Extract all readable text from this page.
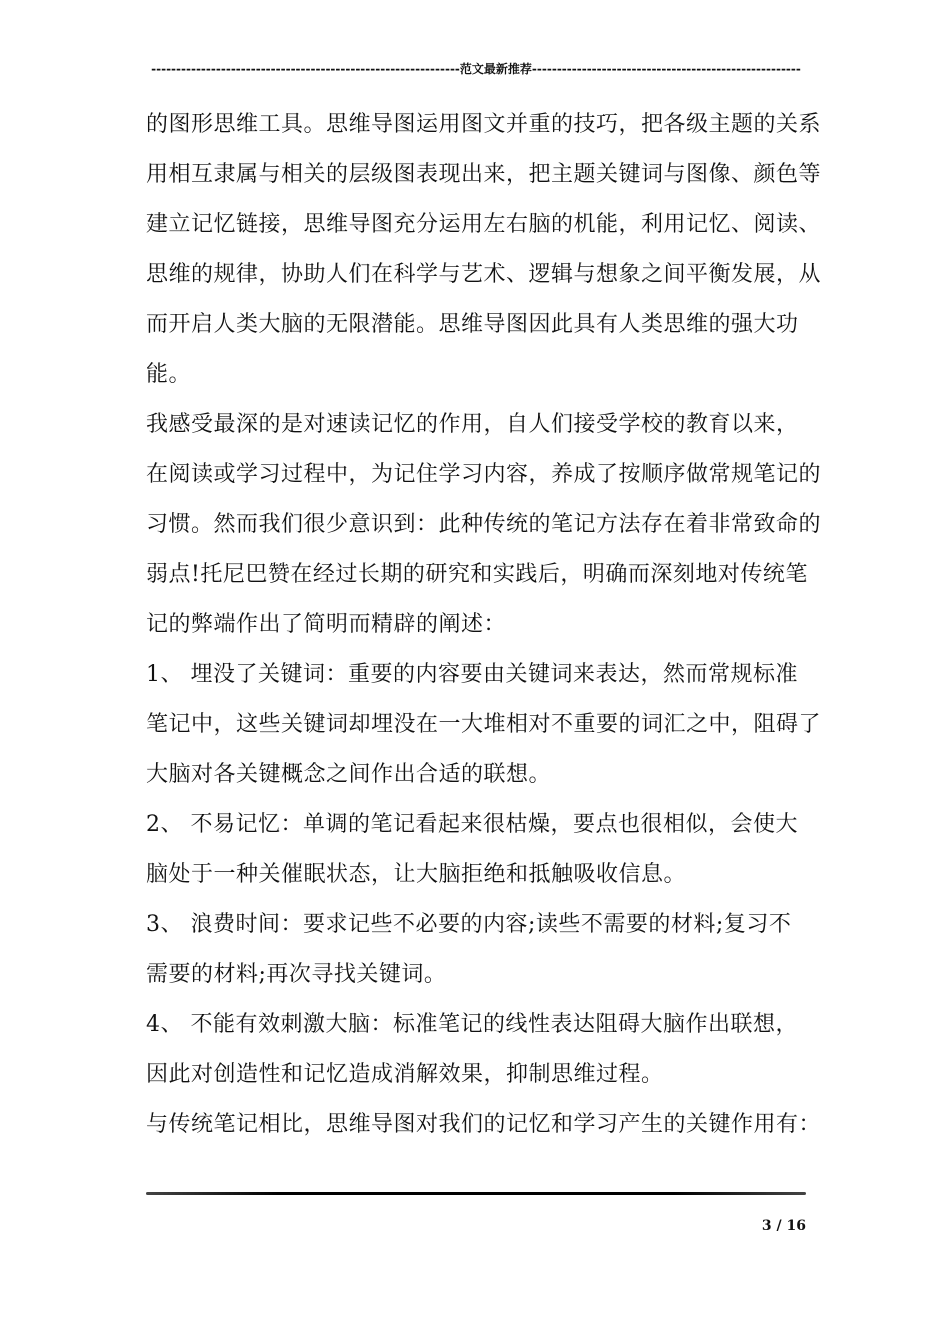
--------------------------------------------------------------范文最新推荐------------------------------------------------------
的图形思维工具。思维导图运用图文并重的技巧，把各级主题的关系
用相互隶属与相关的层级图表现出来，把主题关键词与图像、颜色等
建立记忆链接，思维导图充分运用左右脑的机能，利用记忆、阅读、
思维的规律，协助人们在科学与艺术、逻辑与想象之间平衡发展，从
而开启人类大脑的无限潜能。思维导图因此具有人类思维的强大功
能。
我感受最深的是对速读记忆的作用，自人们接受学校的教育以来，
在阅读或学习过程中，为记住学习内容，养成了按顺序做常规笔记的
习惯。然而我们很少意识到：此种传统的笔记方法存在着非常致命的
弱点!托尼巴赞在经过长期的研究和实践后，明确而深刻地对传统笔
记的弊端作出了简明而精辟的阐述：
1、 埋没了关键词：重要的内容要由关键词来表达，然而常规标准
笔记中，这些关键词却埋没在一大堆相对不重要的词汇之中，阻碍了
大脑对各关键概念之间作出合适的联想。
2、 不易记忆：单调的笔记看起来很枯燥，要点也很相似，会使大
脑处于一种关催眠状态，让大脑拒绝和抵触吸收信息。
3、 浪费时间：要求记些不必要的内容;读些不需要的材料;复习不
需要的材料;再次寻找关键词。
4、 不能有效刺激大脑：标准笔记的线性表达阻碍大脑作出联想，
因此对创造性和记忆造成消解效果，抑制思维过程。
与传统笔记相比，思维导图对我们的记忆和学习产生的关键作用有：
3 / 16
